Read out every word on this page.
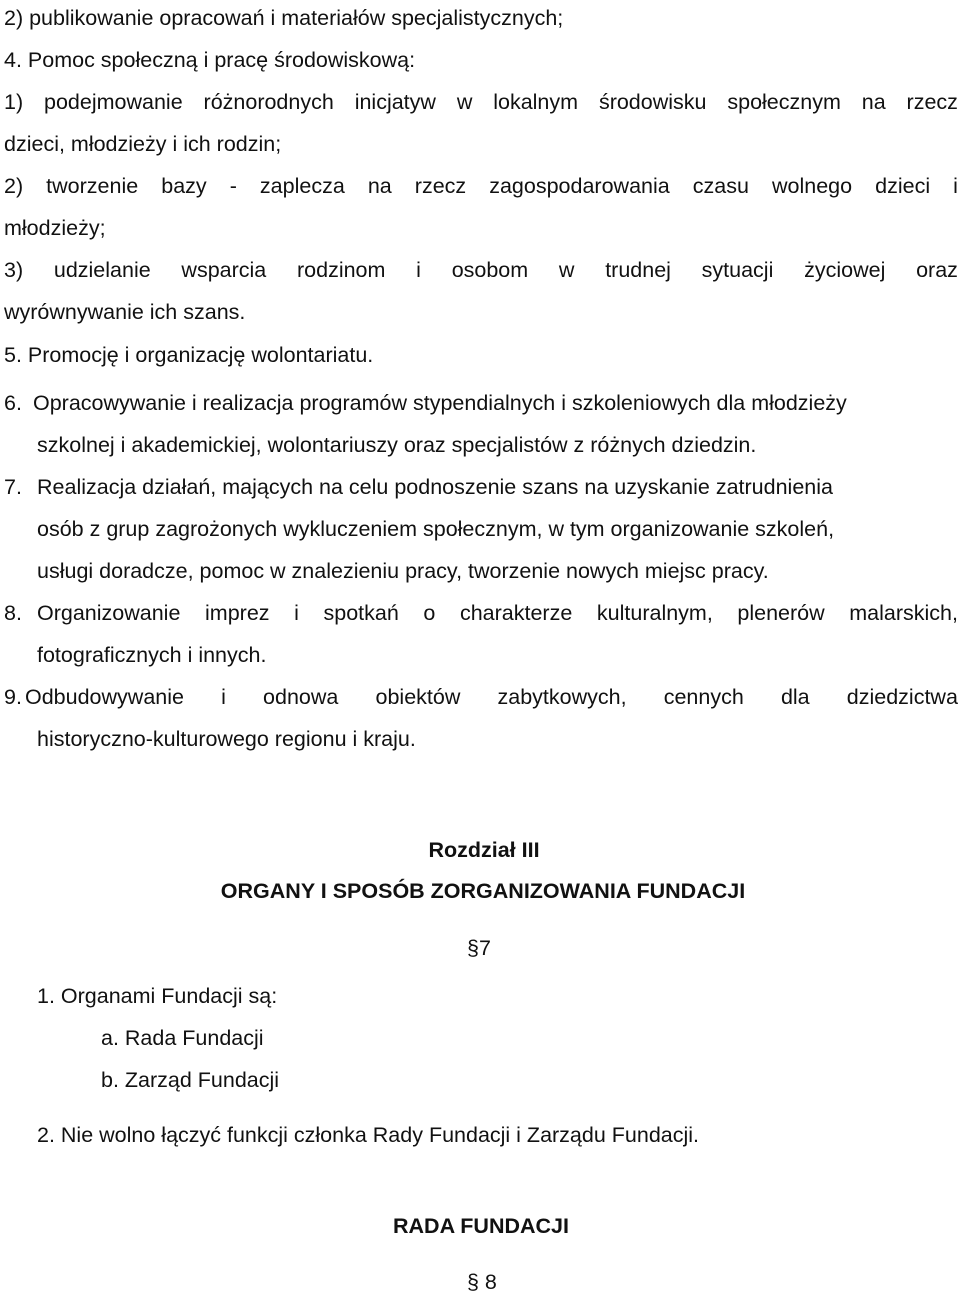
2) publikowanie opracowań i materiałów specjalistycznych;
4. Pomoc społeczną i pracę środowiskową:
1) podejmowanie różnorodnych inicjatyw w lokalnym środowisku społecznym na rzecz
dzieci, młodzieży i ich rodzin;
2) tworzenie bazy - zaplecza na rzecz zagospodarowania czasu wolnego dzieci i
młodzieży;
3) udzielanie wsparcia rodzinom i osobom w trudnej sytuacji życiowej oraz
wyrównywanie ich szans.
5. Promocję i organizację wolontariatu.
6. Opracowywanie i realizacja programów stypendialnych i szkoleniowych dla młodzieży
szkolnej i akademickiej, wolontariuszy oraz specjalistów z różnych dziedzin.
7. Realizacja działań, mających na celu podnoszenie szans na uzyskanie zatrudnienia
osób z grup zagrożonych wykluczeniem społecznym, w tym organizowanie szkoleń,
usługi doradcze, pomoc w znalezieniu pracy, tworzenie nowych miejsc pracy.
8. Organizowanie imprez i spotkań o charakterze kulturalnym, plenerów malarskich,
fotograficznych i innych.
9. Odbudowywanie i odnowa obiektów zabytkowych, cennych dla dziedzictwa
historyczno-kulturowego regionu i kraju.
Rozdział III
ORGANY I SPOSÓB ZORGANIZOWANIA FUNDACJI
§7
1. Organami Fundacji są:
a. Rada Fundacji
b. Zarząd Fundacji
2. Nie wolno łączyć funkcji członka Rady Fundacji i Zarządu Fundacji.
RADA FUNDACJI
§ 8
